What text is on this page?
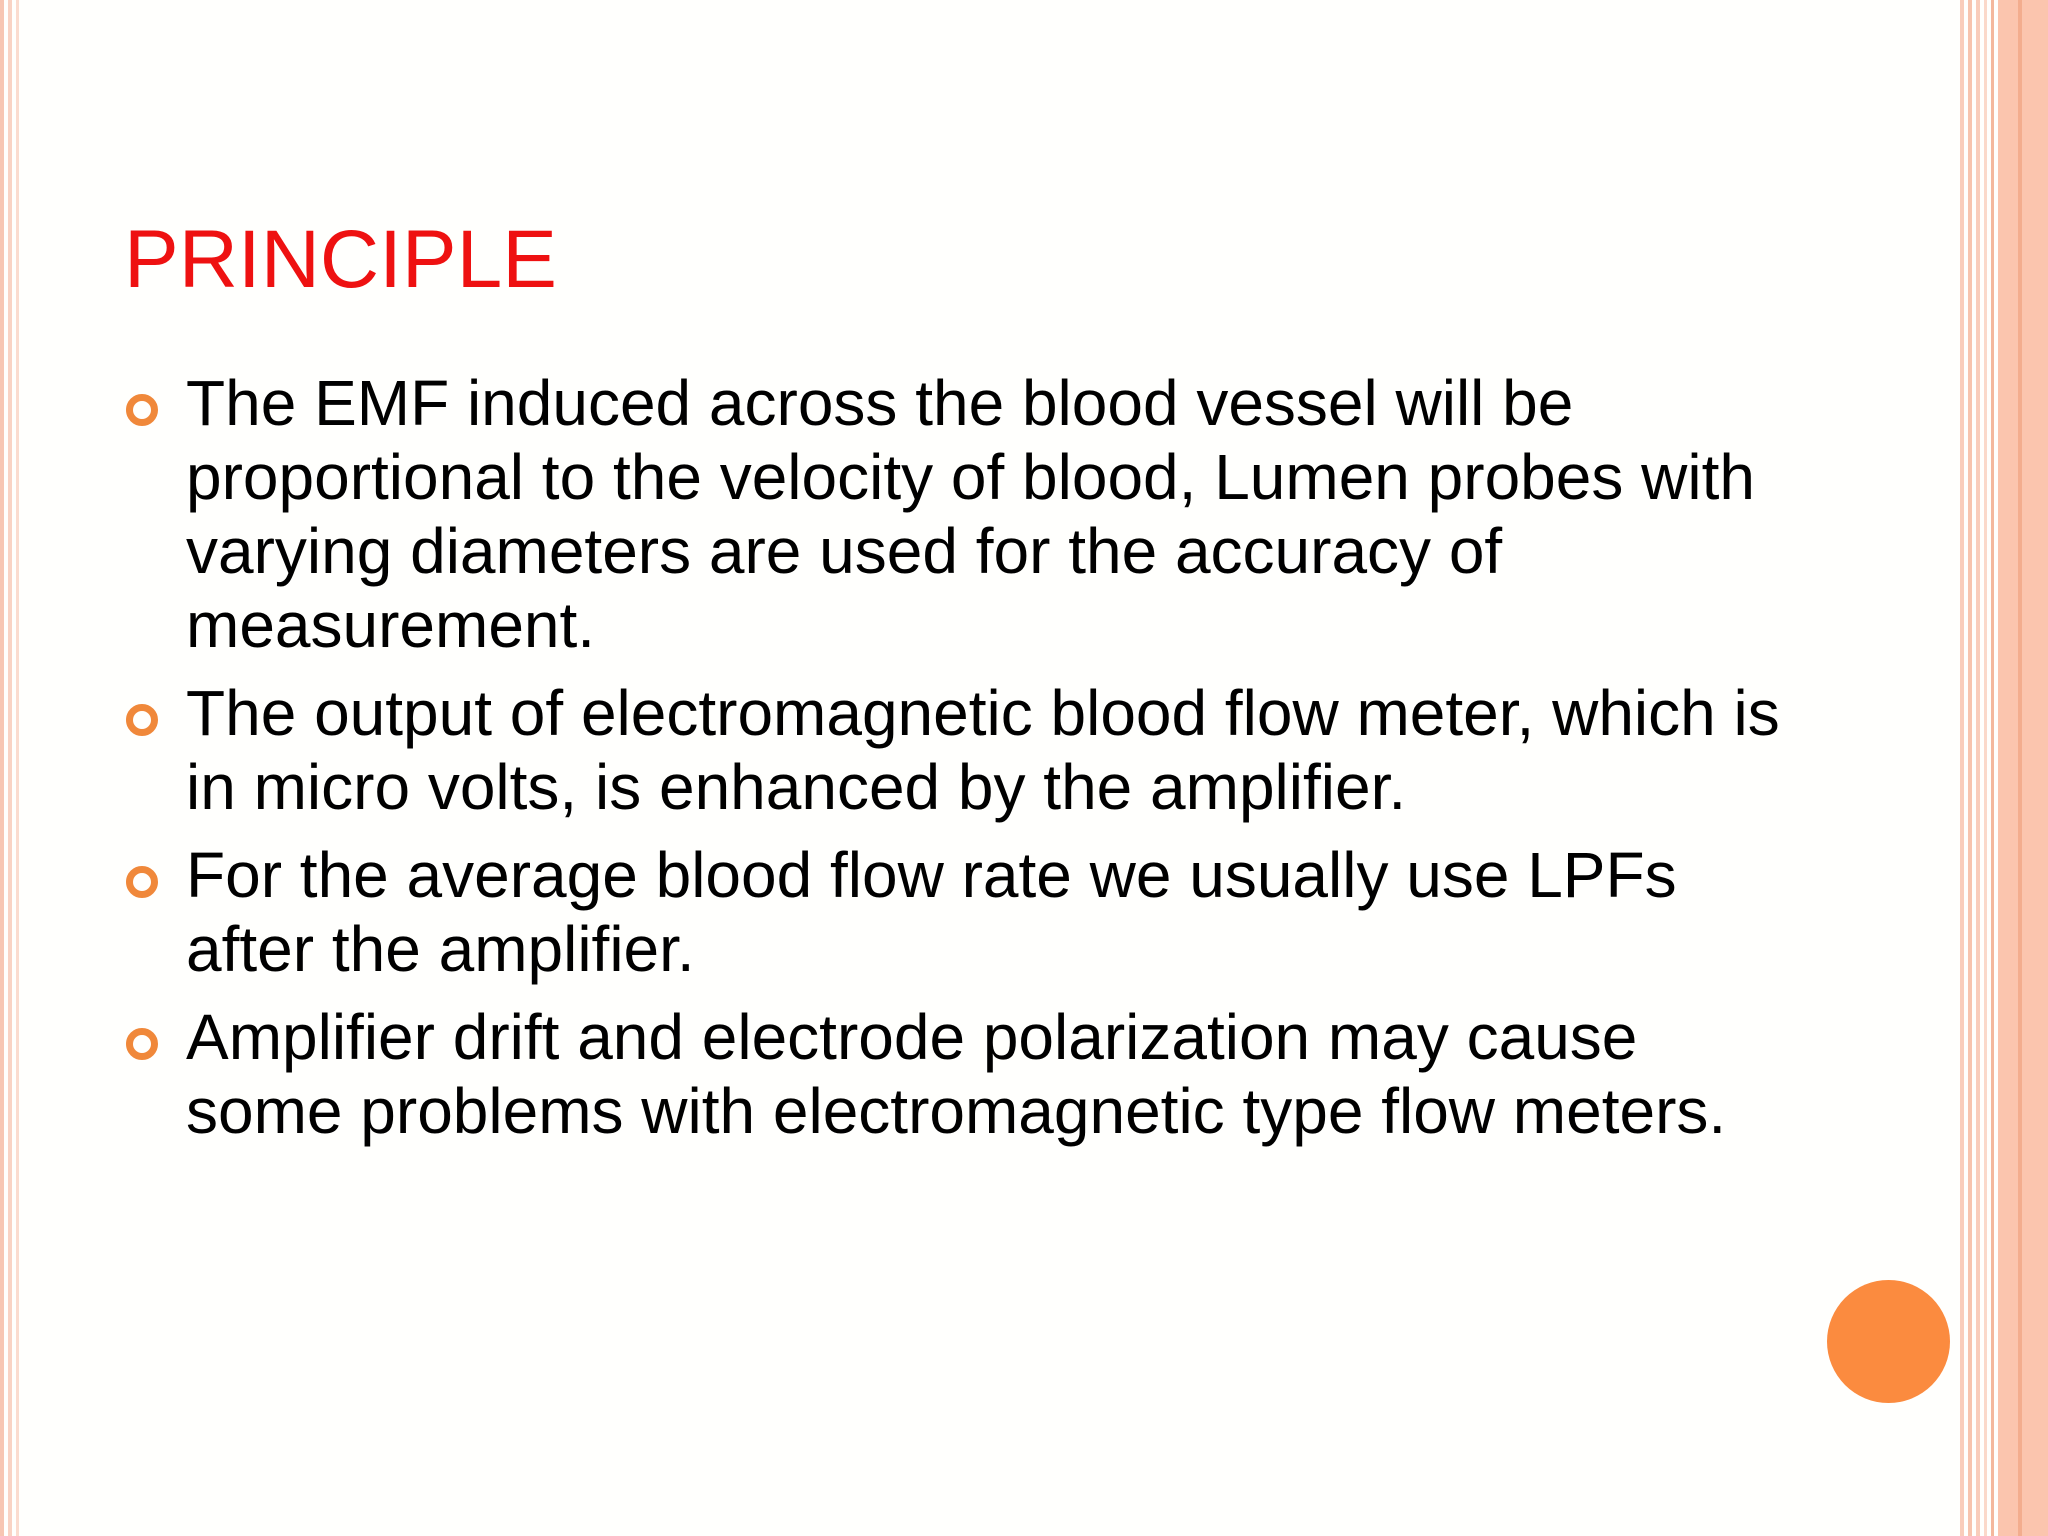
PRINCIPLE
The EMF induced across the blood vessel will be proportional to the velocity of blood, Lumen probes with varying diameters are used for the accuracy of measurement.
The output of electromagnetic blood flow meter, which is in micro volts, is enhanced by the amplifier.
For the average blood flow rate we usually use LPFs after the amplifier.
Amplifier drift and electrode polarization may cause some problems with electromagnetic type flow meters.
